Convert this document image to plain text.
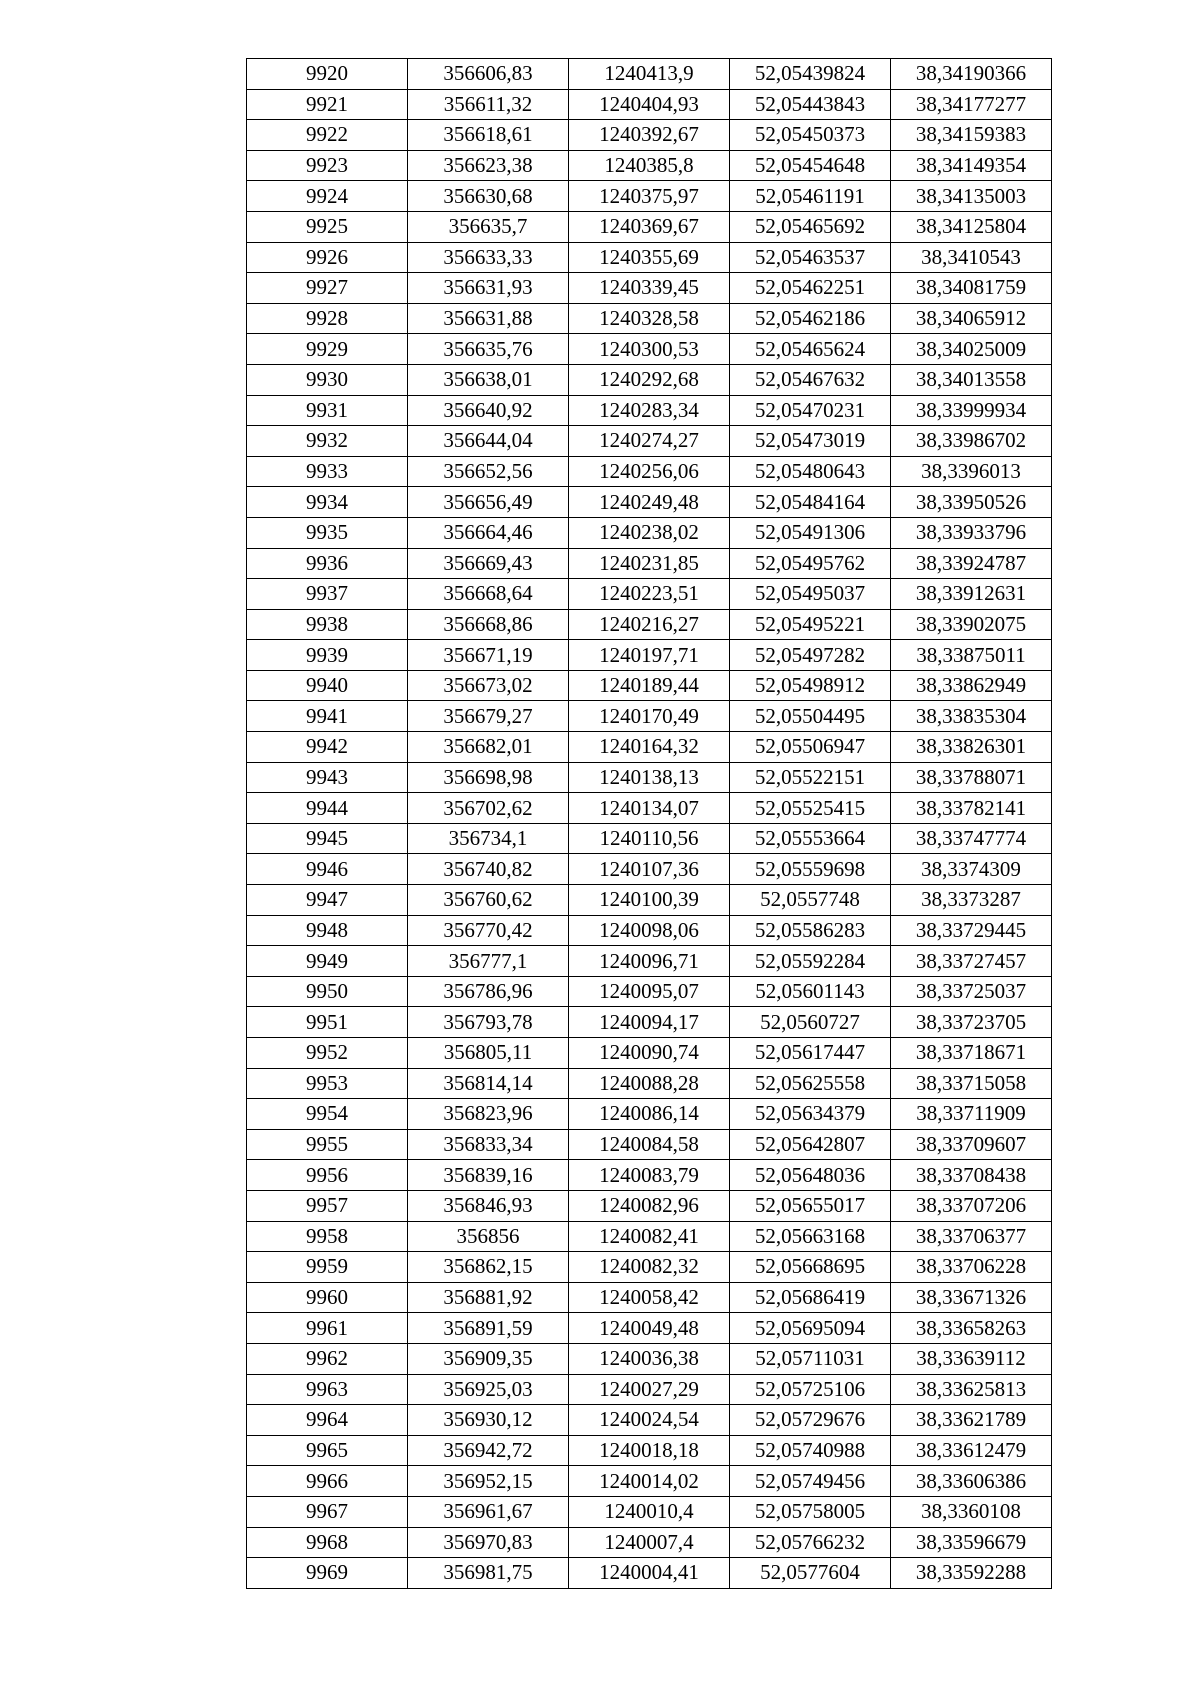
9920	356606,83	1240413,9	52,05439824	38,34190366
9921	356611,32	1240404,93	52,05443843	38,34177277
9922	356618,61	1240392,67	52,05450373	38,34159383
9923	356623,38	1240385,8	52,05454648	38,34149354
9924	356630,68	1240375,97	52,05461191	38,34135003
9925	356635,7	1240369,67	52,05465692	38,34125804
9926	356633,33	1240355,69	52,05463537	38,3410543
9927	356631,93	1240339,45	52,05462251	38,34081759
9928	356631,88	1240328,58	52,05462186	38,34065912
9929	356635,76	1240300,53	52,05465624	38,34025009
9930	356638,01	1240292,68	52,05467632	38,34013558
9931	356640,92	1240283,34	52,05470231	38,33999934
9932	356644,04	1240274,27	52,05473019	38,33986702
9933	356652,56	1240256,06	52,05480643	38,3396013
9934	356656,49	1240249,48	52,05484164	38,33950526
9935	356664,46	1240238,02	52,05491306	38,33933796
9936	356669,43	1240231,85	52,05495762	38,33924787
9937	356668,64	1240223,51	52,05495037	38,33912631
9938	356668,86	1240216,27	52,05495221	38,33902075
9939	356671,19	1240197,71	52,05497282	38,33875011
9940	356673,02	1240189,44	52,05498912	38,33862949
9941	356679,27	1240170,49	52,05504495	38,33835304
9942	356682,01	1240164,32	52,05506947	38,33826301
9943	356698,98	1240138,13	52,05522151	38,33788071
9944	356702,62	1240134,07	52,05525415	38,33782141
9945	356734,1	1240110,56	52,05553664	38,33747774
9946	356740,82	1240107,36	52,05559698	38,3374309
9947	356760,62	1240100,39	52,0557748	38,3373287
9948	356770,42	1240098,06	52,05586283	38,33729445
9949	356777,1	1240096,71	52,05592284	38,33727457
9950	356786,96	1240095,07	52,05601143	38,33725037
9951	356793,78	1240094,17	52,0560727	38,33723705
9952	356805,11	1240090,74	52,05617447	38,33718671
9953	356814,14	1240088,28	52,05625558	38,33715058
9954	356823,96	1240086,14	52,05634379	38,33711909
9955	356833,34	1240084,58	52,05642807	38,33709607
9956	356839,16	1240083,79	52,05648036	38,33708438
9957	356846,93	1240082,96	52,05655017	38,33707206
9958	356856	1240082,41	52,05663168	38,33706377
9959	356862,15	1240082,32	52,05668695	38,33706228
9960	356881,92	1240058,42	52,05686419	38,33671326
9961	356891,59	1240049,48	52,05695094	38,33658263
9962	356909,35	1240036,38	52,05711031	38,33639112
9963	356925,03	1240027,29	52,05725106	38,33625813
9964	356930,12	1240024,54	52,05729676	38,33621789
9965	356942,72	1240018,18	52,05740988	38,33612479
9966	356952,15	1240014,02	52,05749456	38,33606386
9967	356961,67	1240010,4	52,05758005	38,3360108
9968	356970,83	1240007,4	52,05766232	38,33596679
9969	356981,75	1240004,41	52,0577604	38,33592288
